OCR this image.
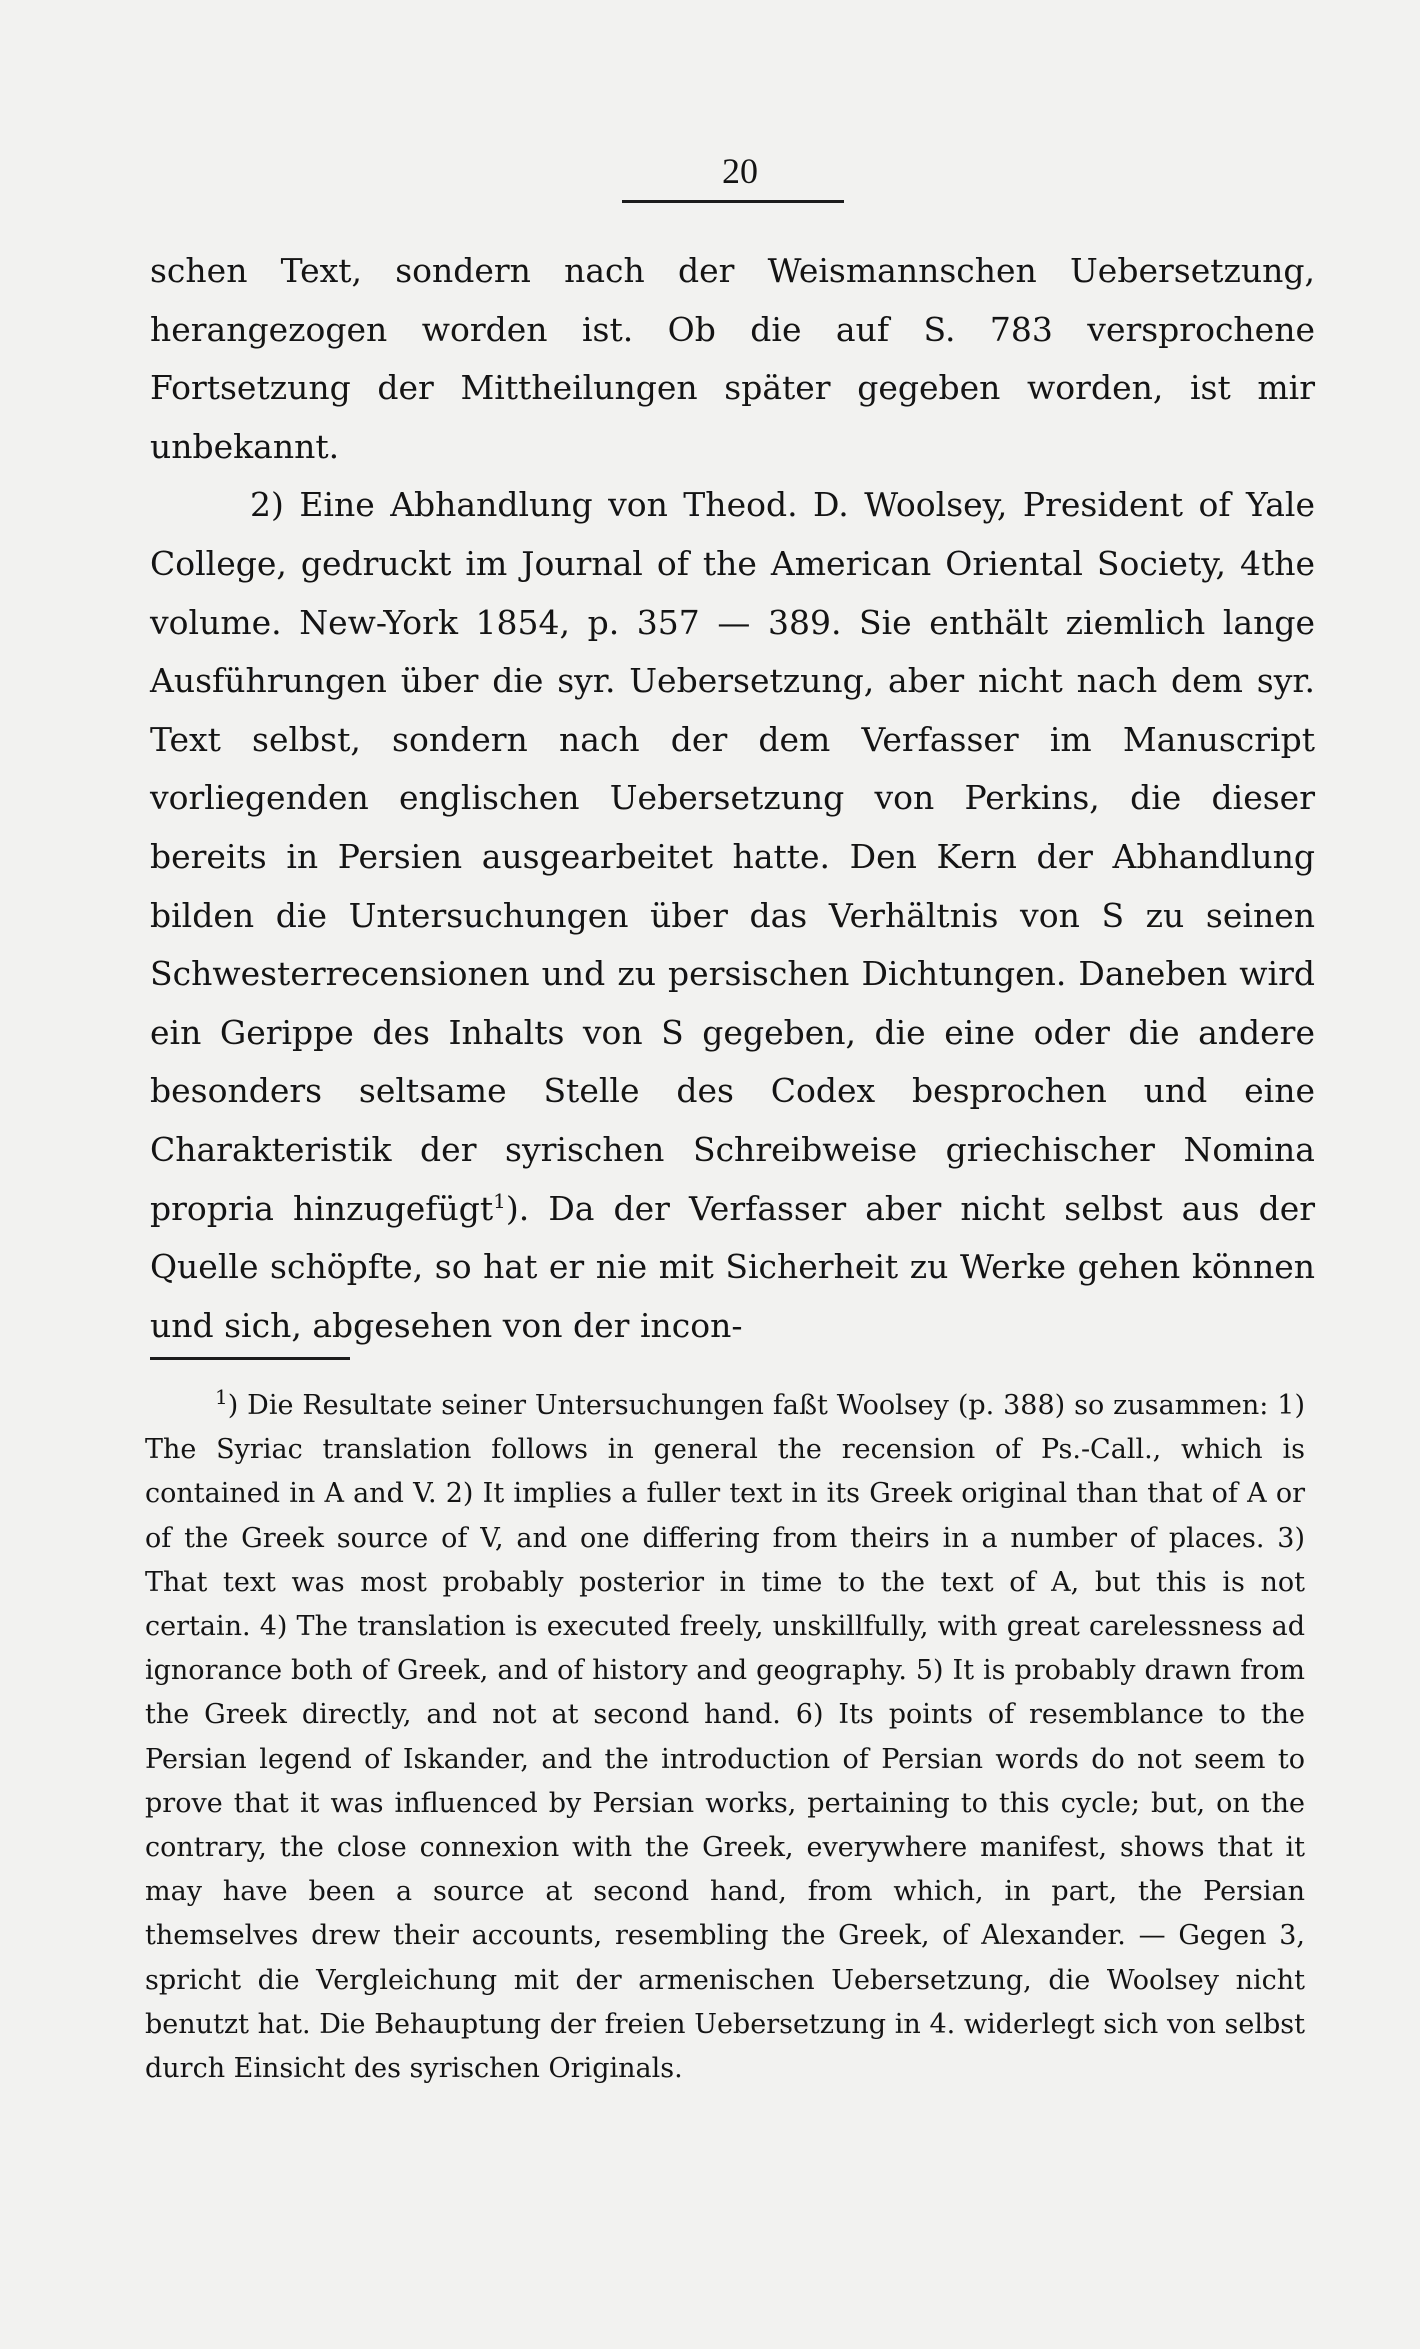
20

schen Text, sondern nach der Weismannschen Uebersetzung, herangezogen worden ist. Ob die auf S. 783 versprochene Fortsetzung der Mittheilungen später gegeben worden, ist mir unbekannt.

2) Eine Abhandlung von Theod. D. Woolsey, President of Yale College, gedruckt im Journal of the American Oriental Society, 4the volume. New-York 1854, p. 357 — 389. Sie enthält ziemlich lange Ausführungen über die syr. Uebersetzung, aber nicht nach dem syr. Text selbst, sondern nach der dem Verfasser im Manuscript vorliegenden englischen Uebersetzung von Perkins, die dieser bereits in Persien ausgearbeitet hatte. Den Kern der Abhandlung bilden die Untersuchungen über das Verhältnis von S zu seinen Schwesterrecensionen und zu persischen Dichtungen. Daneben wird ein Gerippe des Inhalts von S gegeben, die eine oder die andere besonders seltsame Stelle des Codex besprochen und eine Charakteristik der syrischen Schreibweise griechischer Nomina propria hinzugefügt$^1$). Da der Verfasser aber nicht selbst aus der Quelle schöpfte, so hat er nie mit Sicherheit zu Werke gehen können und sich, abgesehen von der incon-

$^1$) Die Resultate seiner Untersuchungen faßt Woolsey (p. 388) so zusammen: 1) The Syriac translation follows in general the recension of Ps.-Call., which is contained in A and V. 2) It implies a fuller text in its Greek original than that of A or of the Greek source of V, and one differing from theirs in a number of places. 3) That text was most probably posterior in time to the text of A, but this is not certain. 4) The translation is executed freely, unskillfully, with great carelessness ad ignorance both of Greek, and of history and geography. 5) It is probably drawn from the Greek directly, and not at second hand. 6) Its points of resemblance to the Persian legend of Iskander, and the introduction of Persian words do not seem to prove that it was influenced by Persian works, pertaining to this cycle; but, on the contrary, the close connexion with the Greek, everywhere manifest, shows that it may have been a source at second hand, from which, in part, the Persian themselves drew their accounts, resembling the Greek, of Alexander. — Gegen 3, spricht die Vergleichung mit der armenischen Uebersetzung, die Woolsey nicht benutzt hat. Die Behauptung der freien Uebersetzung in 4. widerlegt sich von selbst durch Einsicht des syrischen Originals.
